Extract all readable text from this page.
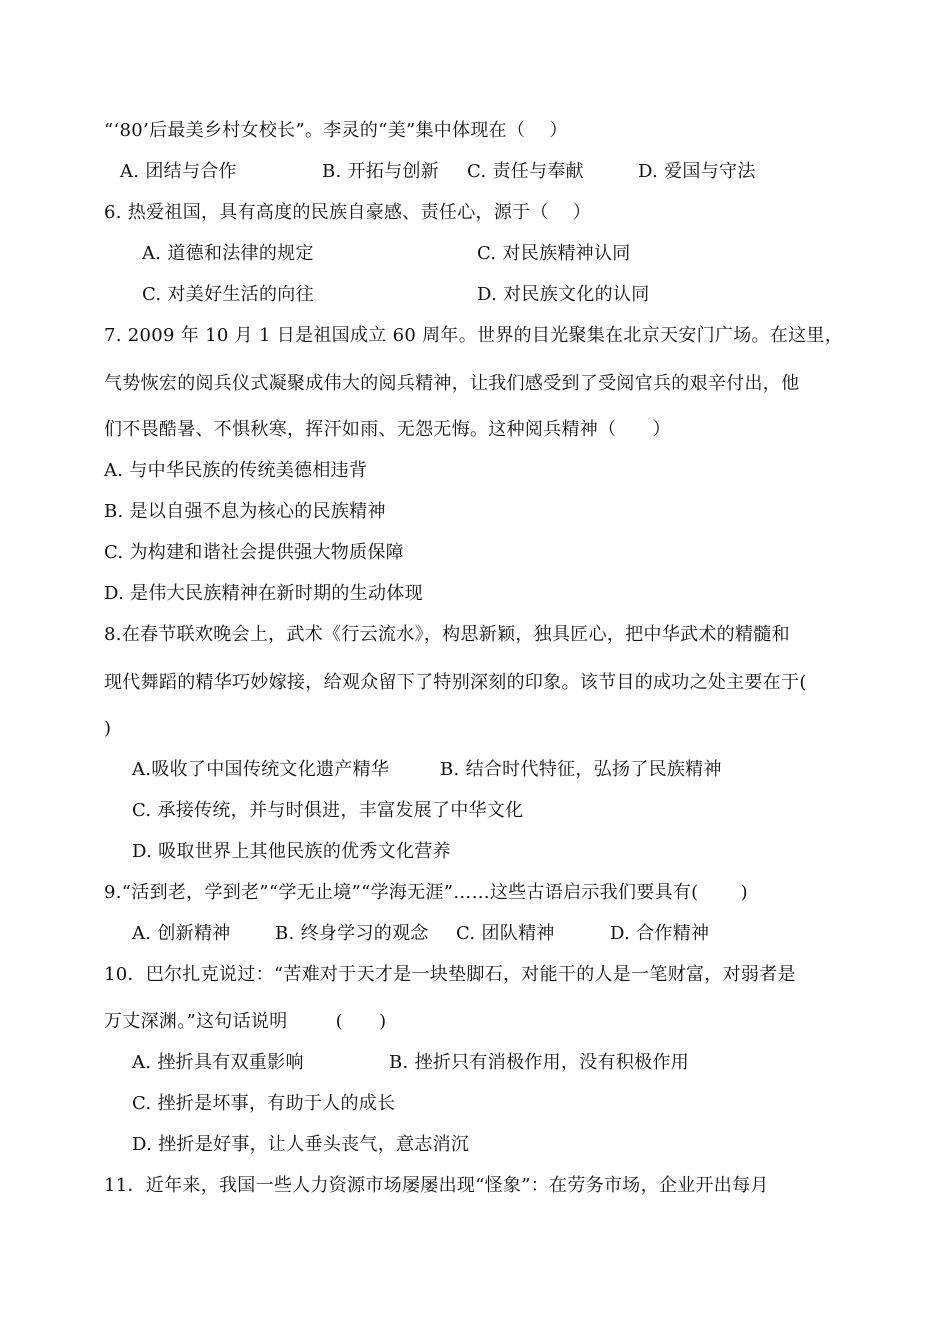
“‘80’后最美乡村女校长”。李灵的“美”集中体现在（    ）
A. 团结与合作	B. 开拓与创新 C. 责任与奉献	D. 爱国与守法
6. 热爱祖国，具有高度的民族自豪感、责任心，源于（    ）
A. 道德和法律的规定	C. 对民族精神认同
C. 对美好生活的向往	D. 对民族文化的认同
7. 2009 年 10 月 1 日是祖国成立 60 周年。世界的目光聚集在北京天安门广场。在这里，
气势恢宏的阅兵仪式凝聚成伟大的阅兵精神，让我们感受到了受阅官兵的艰辛付出，他
们不畏酷暑、不惧秋寒，挥汗如雨、无怨无悔。这种阅兵精神（      ）
A. 与中华民族的传统美德相违背
B. 是以自强不息为核心的民族精神
C. 为构建和谐社会提供强大物质保障
D. 是伟大民族精神在新时期的生动体现
8.在春节联欢晚会上，武术《行云流水》，构思新颖，独具匠心，把中华武术的精髓和
现代舞蹈的精华巧妙嫁接，给观众留下了特别深刻的印象。该节目的成功之处主要在于(
)
A.吸收了中国传统文化遗产精华	B. 结合时代特征，弘扬了民族精神
C. 承接传统，并与时俱进，丰富发展了中华文化
D. 吸取世界上其他民族的优秀文化营养
9.“活到老，学到老”“学无止境”“学海无涯”……这些古语启示我们要具有(       )
A. 创新精神 B. 终身学习的观念 C. 团队精神	D. 合作精神
10．巴尔扎克说过：“苦难对于天才是一块垫脚石，对能干的人是一笔财富，对弱者是
万丈深渊。”这句话说明        (      )
A. 挫折具有双重影响	B. 挫折只有消极作用，没有积极作用
C. 挫折是坏事，有助于人的成长
D. 挫折是好事，让人垂头丧气，意志消沉
11．近年来，我国一些人力资源市场屡屡出现“怪象”：在劳务市场，企业开出每月
